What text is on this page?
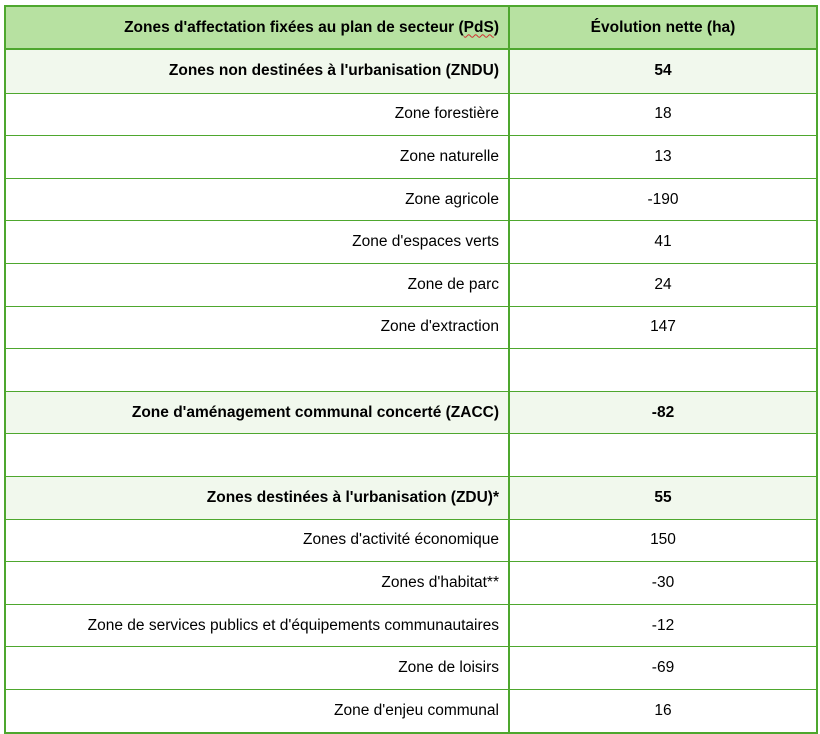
Zones d'affectation fixées au plan de secteur ( PdS )	Évolution nette (ha)
Zones non destinées à l'urbanisation (ZNDU)	54
Zone forestière	18
Zone naturelle	13
Zone agricole	-190
Zone d'espaces verts	41
Zone de parc	24
Zone d'extraction	147
Zone d'aménagement communal concerté (ZACC)	-82
Zones destinées à l'urbanisation (ZDU)*	55
Zones d'activité économique	150
Zones d'habitat**	-30
Zone de services publics et d'équipements communautaires	-12
Zone de loisirs	-69
Zone d'enjeu communal	16
